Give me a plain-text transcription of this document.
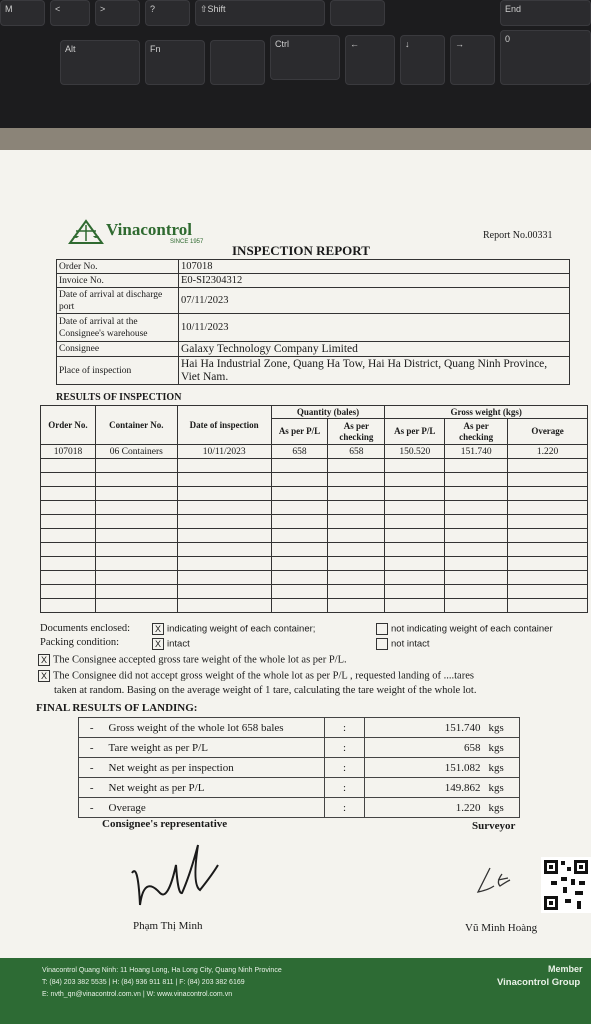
M	<	>	?	⇧Shift	End
Alt	Fn	Ctrl	←	↓	→	0
Vinacontrol
SINCE 1957
Report No.00331
INSPECTION REPORT
Order No.	107018
Invoice No.	E0-SI2304312
Date of arrival at discharge port	07/11/2023
Date of arrival at the Consignee's warehouse	10/11/2023
Consignee	Galaxy Technology Company Limited
Place of inspection	Hai Ha Industrial Zone, Quang Ha Tow, Hai Ha District, Quang Ninh Province, Viet Nam.
RESULTS OF INSPECTION
Order No.	Container No.	Date of inspection	Quantity (bales)		Gross weight (kgs)		
			As per P/L	As per checking	As per P/L	As per checking	Overage
107018	06 Containers	10/11/2023	658	658	150.520	151.740	1.220

Documents enclosed:	X indicating weight of each container;	not indicating weight of each container
Packing condition:	X intact	not intact
X The Consignee accepted gross tare weight of the whole lot as per P/L.
X The Consignee did not accept gross weight of the whole lot as per P/L , requested landing of ....tares
taken at random. Basing on the average weight of 1 tare, calculating the tare weight of the whole lot.
FINAL RESULTS OF LANDING:
-	Gross weight of the whole lot 658 bales	:	151.740	kgs
-	Tare weight as per P/L	:	658	kgs
-	Net weight as per inspection	:	151.082	kgs
-	Net weight as per P/L	:	149.862	kgs
-	Overage	:	1.220	kgs
Consignee's representative	Surveyor
Phạm Thị Minh	Vũ Minh Hoàng
Vinacontrol Quang Ninh: 11 Hoang Long, Ha Long City, Quang Ninh Province
T: (84) 203 382 5535 | H: (84) 936 911 811 | F: (84) 203 382 6169
E: nvth_qn@vinacontrol.com.vn | W: www.vinacontrol.com.vn
Member
Vinacontrol Group
